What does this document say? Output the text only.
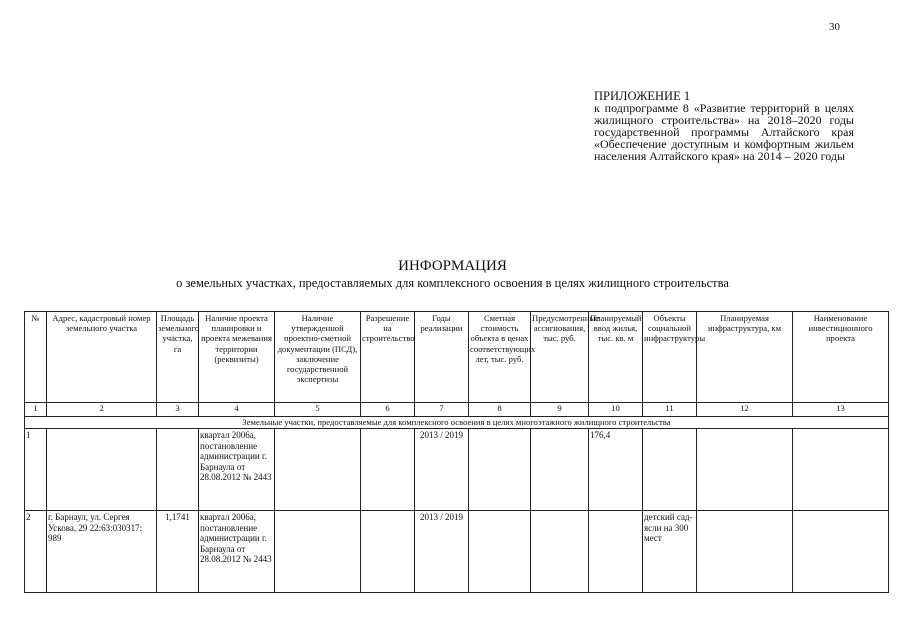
30
ПРИЛОЖЕНИЕ 1
к подпрограмме 8 «Развитие территорий в целях жилищного строительства» на 2018–2020 годы государственной программы Алтайского края «Обеспечение доступным и комфортным жильем населения Алтайского края» на 2014 – 2020 годы
ИНФОРМАЦИЯ
о земельных участках, предоставляемых для комплексного освоения в целях жилищного строительства
№	Адрес, кадастровый номер земельного участка	Площадь земельного участка, га	Наличие проекта планировки и проекта межевания территории (реквизиты)	Наличие утвержденной проектно-сметной документации (ПСД), заключение государственной экспертизы	Разрешение на строительство	Годы реализации	Сметная стоимость объекта в ценах соответствующих лет, тыс. руб.	Предусмотренные ассигнования, тыс. руб.	Планируемый ввод жилья, тыс. кв. м	Объекты социальной инфраструктуры	Планируемая инфраструктура, км	Наименование инвестиционного проекта
1	2	3	4	5	6	7	8	9	10	11	12	13
Земельные участки, предоставляемые для комплексного освоения в целях многоэтажного жилищного строительства												
1			квартал 2006а, постановление администрации г. Барнаула от 28.08.2012 № 2443			2013 / 2019			176,4			
2	г. Барнаул, ул. Сергея Ускова, 29 22:63:030317: 989	1,1741	квартал 2006а, постановление администрации г. Барнаула от 28.08.2012 № 2443			2013 / 2019				детский сад-ясли на 300 мест		
